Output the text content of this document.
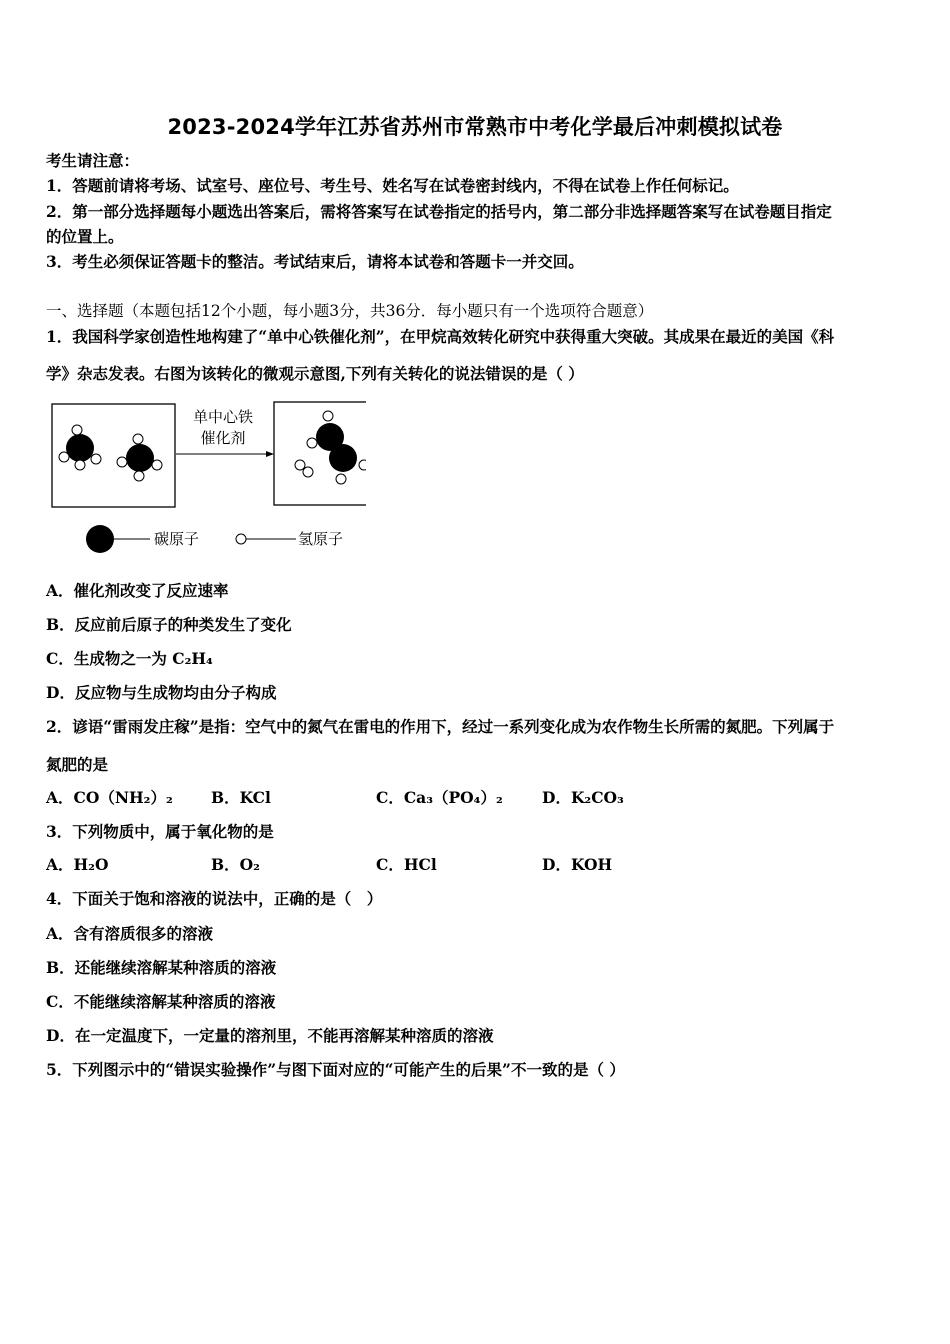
2023-2024学年江苏省苏州市常熟市中考化学最后冲刺模拟试卷
考生请注意：
1．答题前请将考场、试室号、座位号、考生号、姓名写在试卷密封线内，不得在试卷上作任何标记。
2．第一部分选择题每小题选出答案后，需将答案写在试卷指定的括号内，第二部分非选择题答案写在试卷题目指定
的位置上。
3．考生必须保证答题卡的整洁。考试结束后，请将本试卷和答题卡一并交回。
一、选择题（本题包括12个小题，每小题3分，共36分．每小题只有一个选项符合题意）
1．我国科学家创造性地构建了“单中心铁催化剂”，在甲烷高效转化研究中获得重大突破。其成果在最近的美国《科
学》杂志发表。右图为该转化的微观示意图,下列有关转化的说法错误的是（ ）
单中心铁
催化剂
碳原子	氢原子
A．催化剂改变了反应速率
B．反应前后原子的种类发生了变化
C．生成物之一为 C₂H₄
D．反应物与生成物均由分子构成
2．谚语“雷雨发庄稼”是指：空气中的氮气在雷电的作用下，经过一系列变化成为农作物生长所需的氮肥。下列属于
氮肥的是
A．CO（NH₂）₂ B．KCl	C．Ca₃（PO₄）₂	D．K₂CO₃
3．下列物质中，属于氧化物的是
A．H₂O	B．O₂	C．HCl	D．KOH
4．下面关于饱和溶液的说法中，正确的是（　）
A．含有溶质很多的溶液
B．还能继续溶解某种溶质的溶液
C．不能继续溶解某种溶质的溶液
D．在一定温度下，一定量的溶剂里，不能再溶解某种溶质的溶液
5．下列图示中的“错误实验操作”与图下面对应的“可能产生的后果”不一致的是（ ）
